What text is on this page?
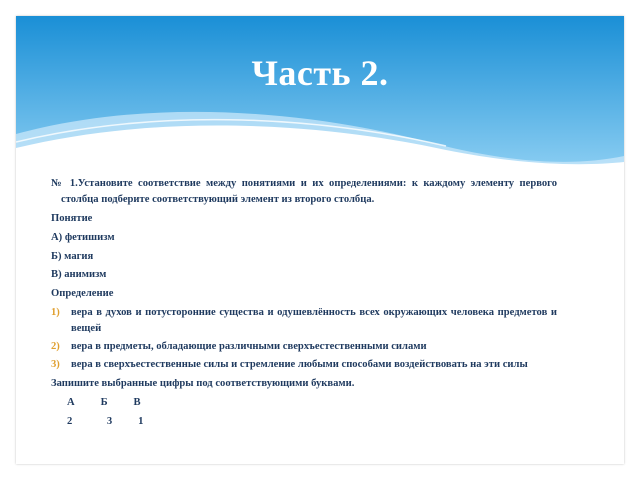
Часть 2.
№ 1.Установите соответствие между понятиями и их определениями: к каждому элементу первого столбца подберите соответствующий элемент из второго столбца.
Понятие
А) фетишизм
Б) магия
В) анимизм
Определение
1)	вера в духов и потусторонние существа и одушевлённость всех окружающих человека предметов и вещей
2)	вера в предметы, обладающие различными сверхъестественными силами
3)	вера в сверхъестественные силы и стремление любыми способами воздействовать на эти силы
Запишите выбранные цифры под соответствующими буквами.
А   Б   В
2    3   1
